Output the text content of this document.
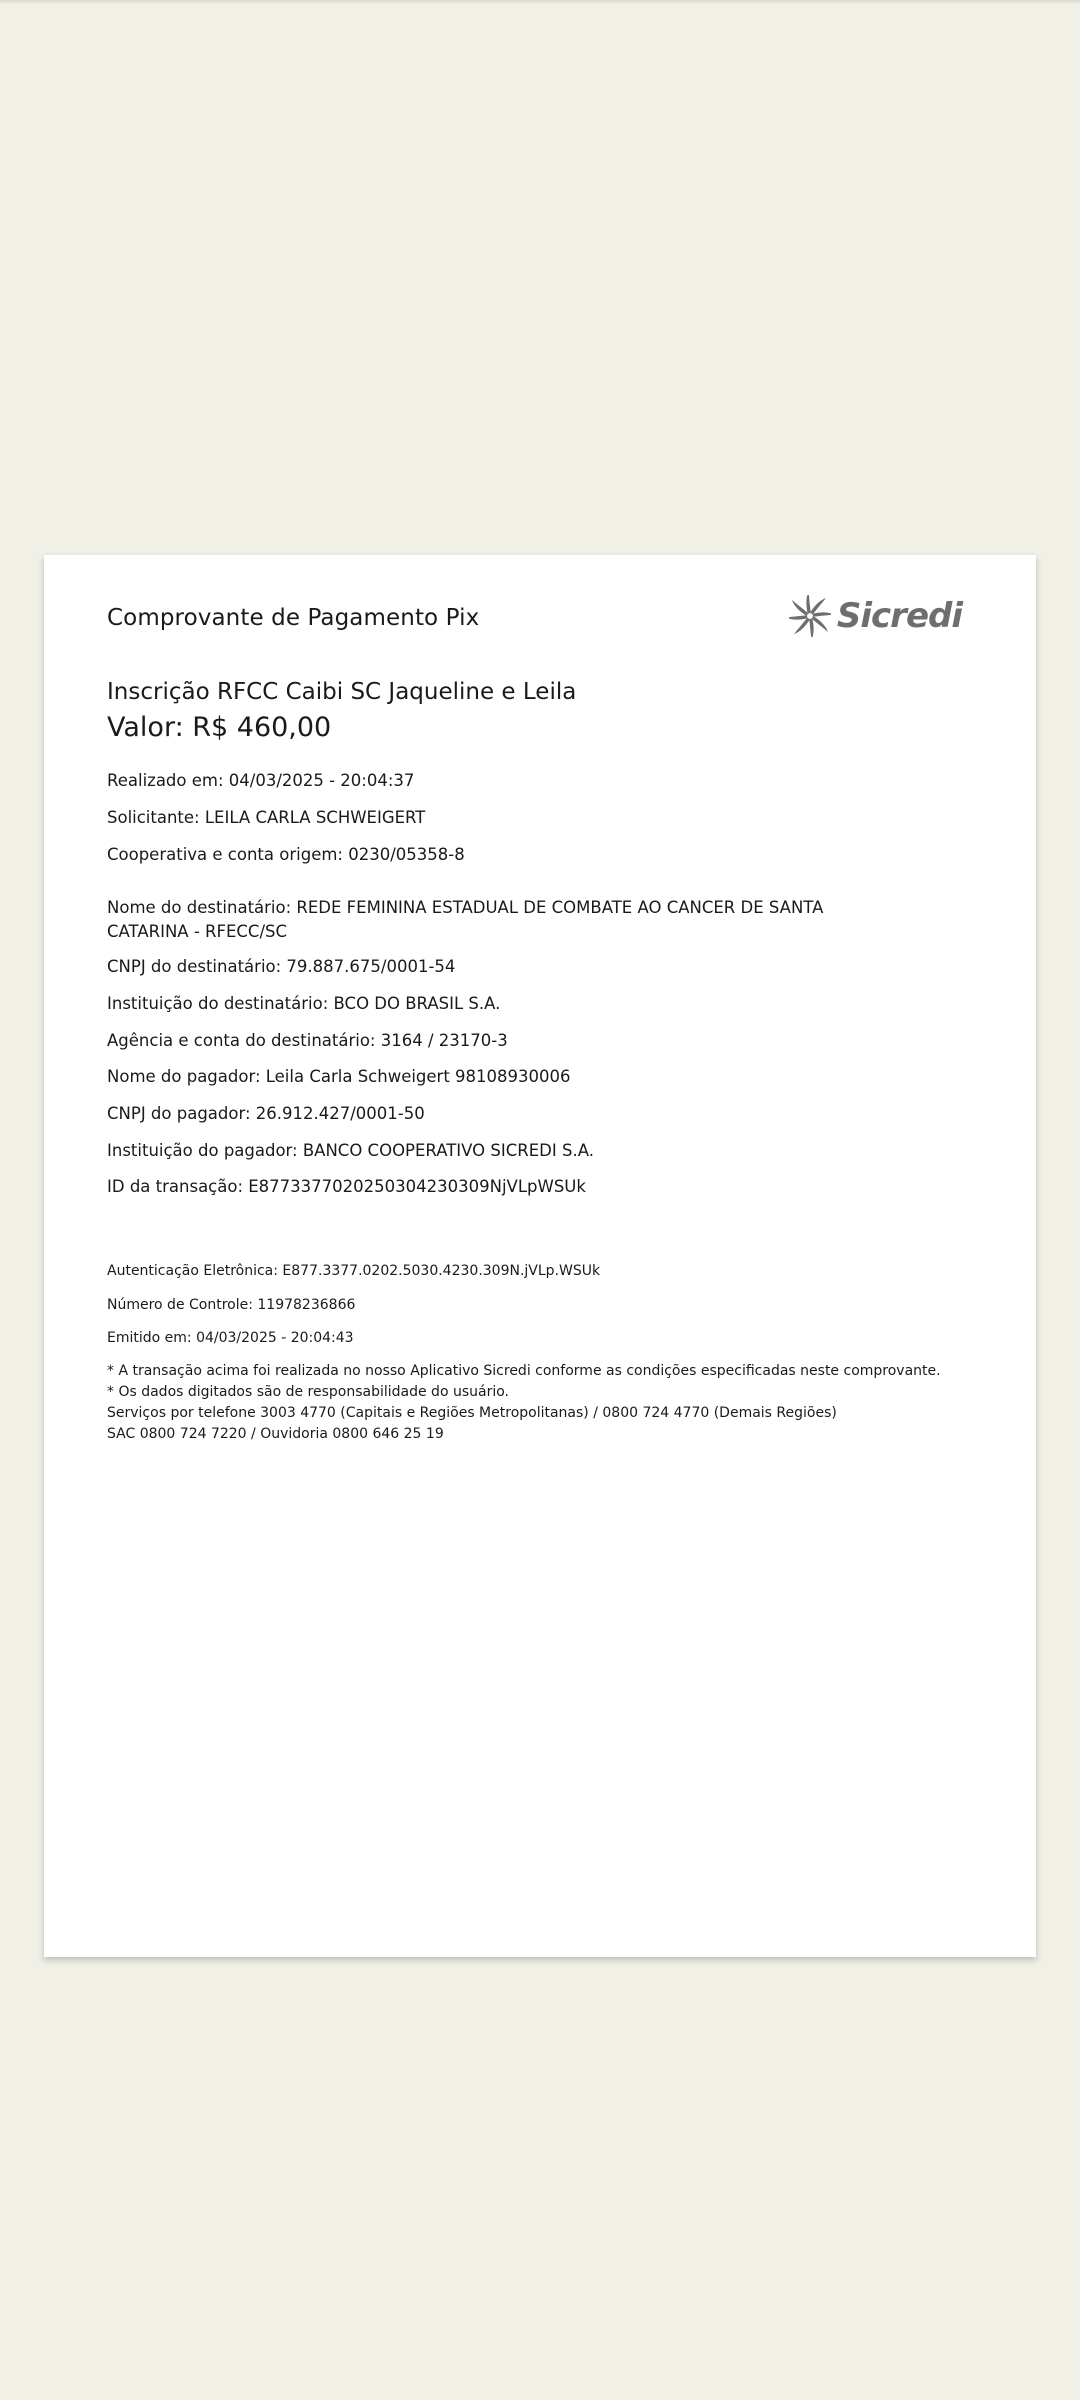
Comprovante de Pagamento Pix	Sicredi
Inscrição RFCC Caibi SC Jaqueline e Leila
Valor: R$ 460,00
Realizado em: 04/03/2025 - 20:04:37
Solicitante: LEILA CARLA SCHWEIGERT
Cooperativa e conta origem: 0230/05358-8
Nome do destinatário: REDE FEMININA ESTADUAL DE COMBATE AO CANCER DE SANTA CATARINA - RFECC/SC
CNPJ do destinatário: 79.887.675/0001-54
Instituição do destinatário: BCO DO BRASIL S.A.
Agência e conta do destinatário: 3164 / 23170-3
Nome do pagador: Leila Carla Schweigert 98108930006
CNPJ do pagador: 26.912.427/0001-50
Instituição do pagador: BANCO COOPERATIVO SICREDI S.A.
ID da transação: E87733770202503042303​09NjVLpWSUk
Autenticação Eletrônica: E877.3377.0202.5030.4230.309N.jVLp.WSUk
Número de Controle: 11978236866
Emitido em: 04/03/2025 - 20:04:43
* A transação acima foi realizada no nosso Aplicativo Sicredi conforme as condições especificadas neste comprovante.
* Os dados digitados são de responsabilidade do usuário.
Serviços por telefone 3003 4770 (Capitais e Regiões Metropolitanas) / 0800 724 4770 (Demais Regiões)
SAC 0800 724 7220 / Ouvidoria 0800 646 25 19
